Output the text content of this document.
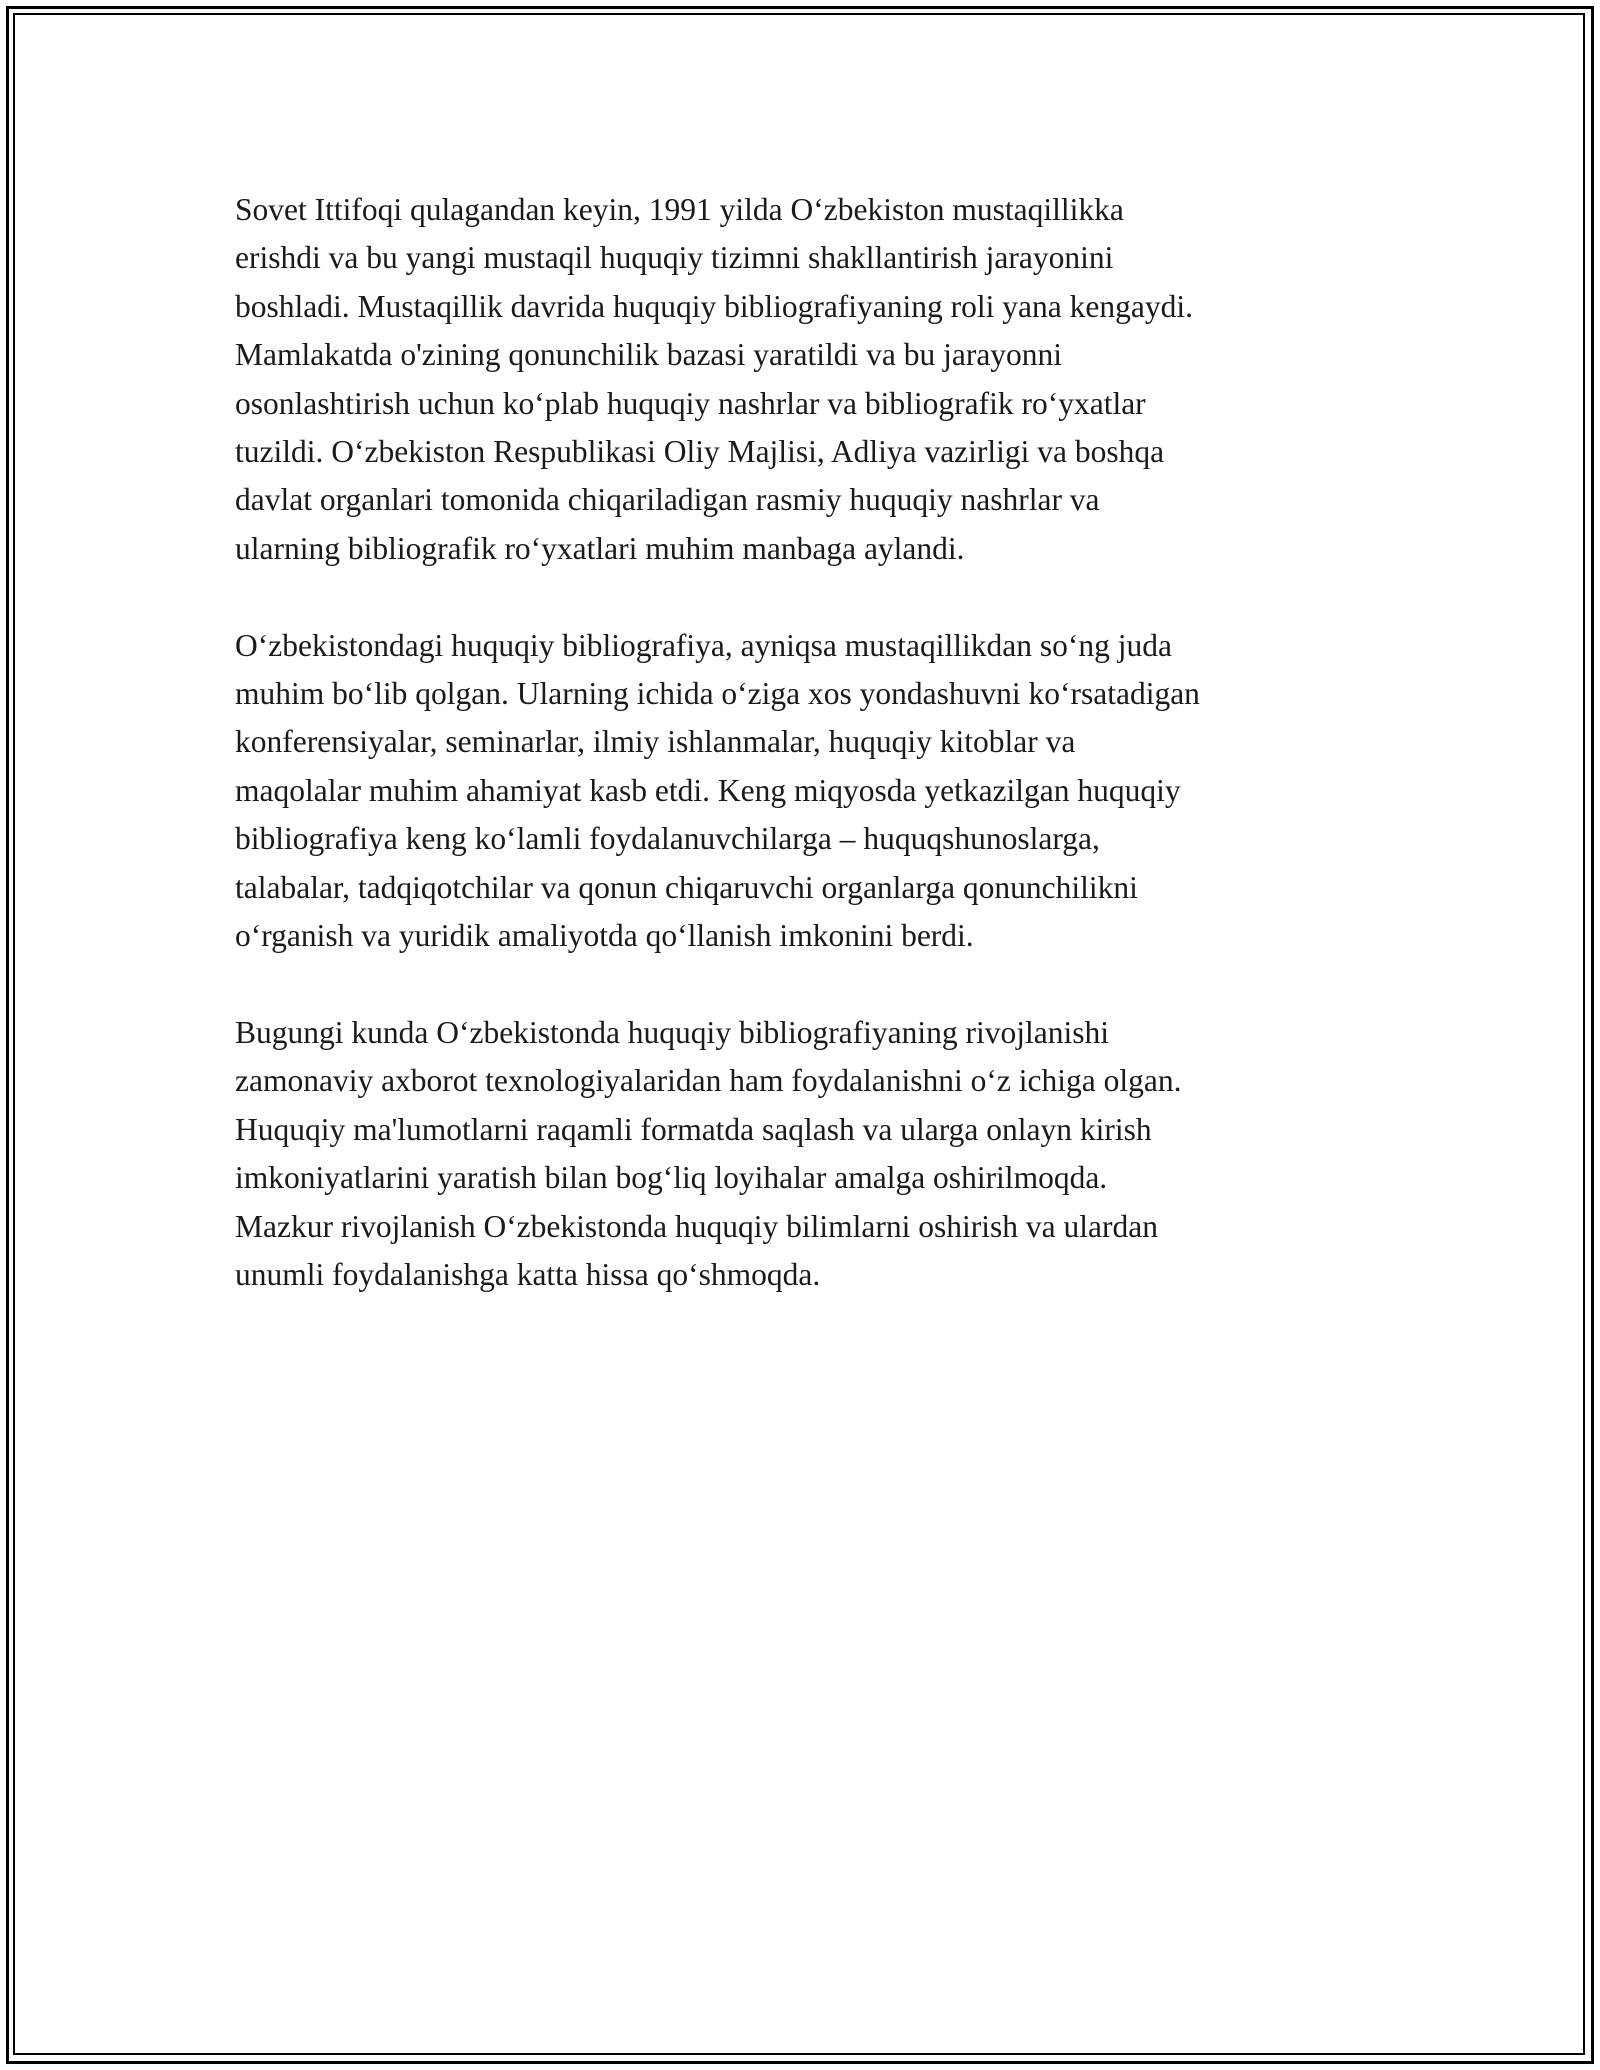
Sovet Ittifoqi qulagandan keyin, 1991 yilda O‘zbekiston mustaqillikka
erishdi va bu yangi mustaqil huquqiy tizimni shakllantirish jarayonini
boshladi. Mustaqillik davrida huquqiy bibliografiyaning roli yana kengaydi.
Mamlakatda o'zining qonunchilik bazasi yaratildi va bu jarayonni
osonlashtirish uchun ko‘plab huquqiy nashrlar va bibliografik ro‘yxatlar
tuzildi. O‘zbekiston Respublikasi Oliy Majlisi, Adliya vazirligi va boshqa
davlat organlari tomonida chiqariladigan rasmiy huquqiy nashrlar va
ularning bibliografik ro‘yxatlari muhim manbaga aylandi.

O‘zbekistondagi huquqiy bibliografiya, ayniqsa mustaqillikdan so‘ng juda
muhim bo‘lib qolgan. Ularning ichida o‘ziga xos yondashuvni ko‘rsatadigan
konferensiyalar, seminarlar, ilmiy ishlanmalar, huquqiy kitoblar va
maqolalar muhim ahamiyat kasb etdi. Keng miqyosda yetkazilgan huquqiy
bibliografiya keng ko‘lamli foydalanuvchilarga – huquqshunoslarga,
talabalar, tadqiqotchilar va qonun chiqaruvchi organlarga qonunchilikni
o‘rganish va yuridik amaliyotda qo‘llanish imkonini berdi.

Bugungi kunda O‘zbekistonda huquqiy bibliografiyaning rivojlanishi
zamonaviy axborot texnologiyalaridan ham foydalanishni o‘z ichiga olgan.
Huquqiy ma'lumotlarni raqamli formatda saqlash va ularga onlayn kirish
imkoniyatlarini yaratish bilan bog‘liq loyihalar amalga oshirilmoqda.
Mazkur rivojlanish O‘zbekistonda huquqiy bilimlarni oshirish va ulardan
unumli foydalanishga katta hissa qo‘shmoqda.
